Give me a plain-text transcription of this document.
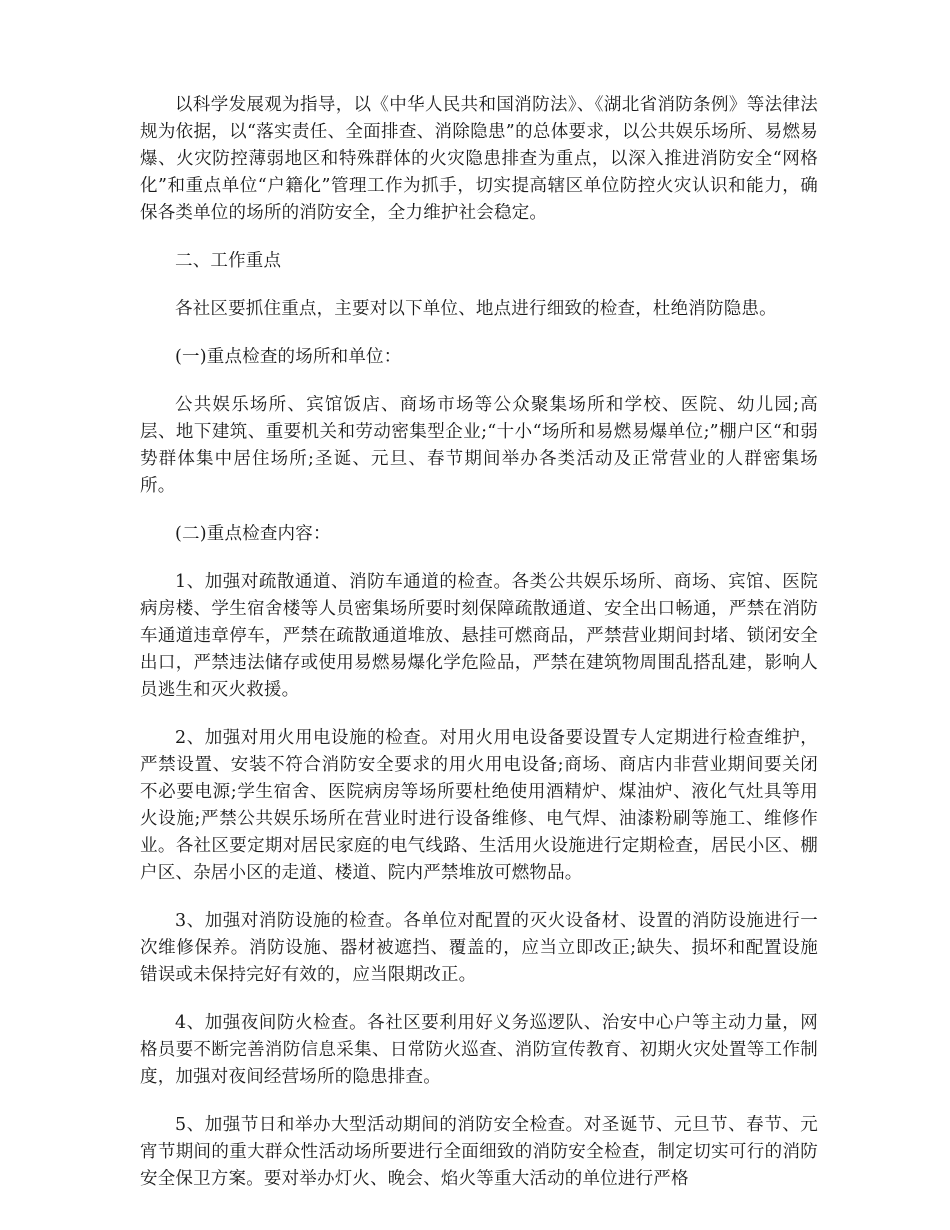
以科学发展观为指导，以《中华人民共和国消防法》、《湖北省消防条例》等法律法规为依据，以“落实责任、全面排查、消除隐患”的总体要求，以公共娱乐场所、易燃易爆、火灾防控薄弱地区和特殊群体的火灾隐患排查为重点，以深入推进消防安全“网格化”和重点单位“户籍化”管理工作为抓手，切实提高辖区单位防控火灾认识和能力，确保各类单位的场所的消防安全，全力维护社会稳定。

二、工作重点

各社区要抓住重点，主要对以下单位、地点进行细致的检查，杜绝消防隐患。

(一)重点检查的场所和单位：

公共娱乐场所、宾馆饭店、商场市场等公众聚集场所和学校、医院、幼儿园;高层、地下建筑、重要机关和劳动密集型企业;“十小“场所和易燃易爆单位;”棚户区“和弱势群体集中居住场所;圣诞、元旦、春节期间举办各类活动及正常营业的人群密集场所。

(二)重点检查内容：

1、加强对疏散通道、消防车通道的检查。各类公共娱乐场所、商场、宾馆、医院病房楼、学生宿舍楼等人员密集场所要时刻保障疏散通道、安全出口畅通，严禁在消防车通道违章停车，严禁在疏散通道堆放、悬挂可燃商品，严禁营业期间封堵、锁闭安全出口，严禁违法储存或使用易燃易爆化学危险品，严禁在建筑物周围乱搭乱建，影响人员逃生和灭火救援。

2、加强对用火用电设施的检查。对用火用电设备要设置专人定期进行检查维护，严禁设置、安装不符合消防安全要求的用火用电设备;商场、商店内非营业期间要关闭不必要电源;学生宿舍、医院病房等场所要杜绝使用酒精炉、煤油炉、液化气灶具等用火设施;严禁公共娱乐场所在营业时进行设备维修、电气焊、油漆粉刷等施工、维修作业。各社区要定期对居民家庭的电气线路、生活用火设施进行定期检查，居民小区、棚户区、杂居小区的走道、楼道、院内严禁堆放可燃物品。

3、加强对消防设施的检查。各单位对配置的灭火设备材、设置的消防设施进行一次维修保养。消防设施、器材被遮挡、覆盖的，应当立即改正;缺失、损坏和配置设施错误或未保持完好有效的，应当限期改正。

4、加强夜间防火检查。各社区要利用好义务巡逻队、治安中心户等主动力量，网格员要不断完善消防信息采集、日常防火巡查、消防宣传教育、初期火灾处置等工作制度，加强对夜间经营场所的隐患排查。

5、加强节日和举办大型活动期间的消防安全检查。对圣诞节、元旦节、春节、元宵节期间的重大群众性活动场所要进行全面细致的消防安全检查，制定切实可行的消防安全保卫方案。要对举办灯火、晚会、焰火等重大活动的单位进行严格
